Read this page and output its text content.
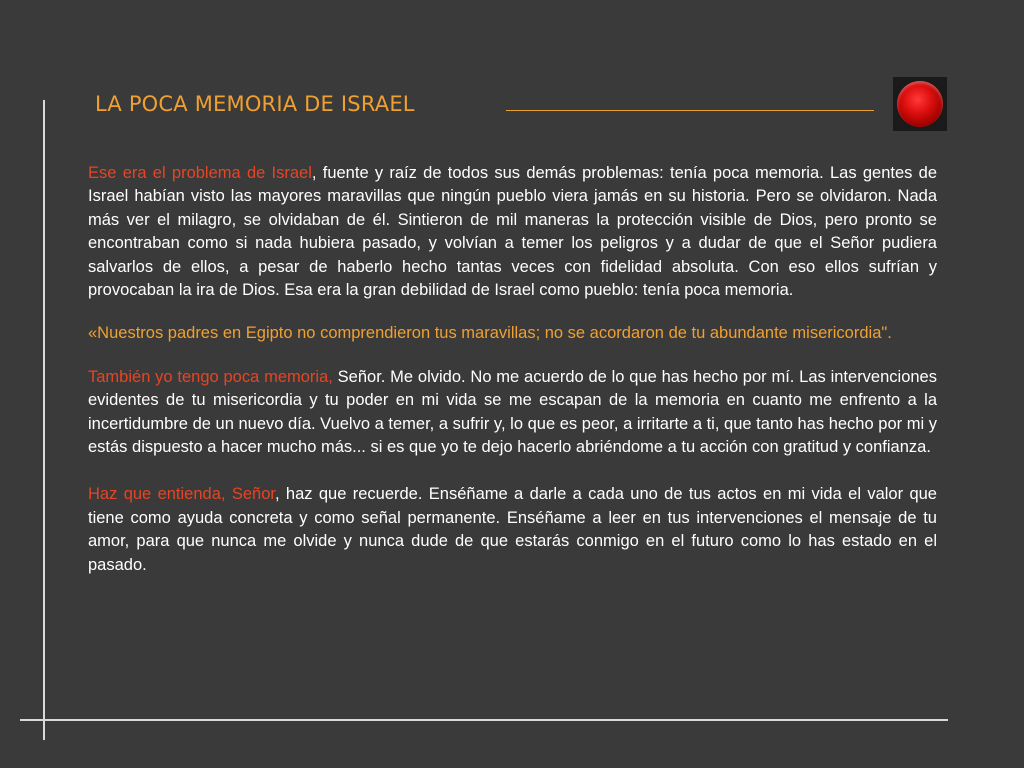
LA POCA MEMORIA DE ISRAEL

Ese era el problema de Israel, fuente y raíz de todos sus demás problemas: tenía poca memoria. Las gentes de Israel habían visto las mayores maravillas que ningún pueblo viera jamás en su historia. Pero se olvidaron. Nada más ver el milagro, se olvidaban de él. Sintieron de mil maneras la protección visible de Dios, pero pronto se encontraban como si nada hubiera pasado, y volvían a temer los peligros y a dudar de que el Señor pudiera salvarlos de ellos, a pesar de haberlo hecho tantas veces con fidelidad absoluta. Con eso ellos sufrían y provocaban la ira de Dios. Esa era la gran debilidad de Israel como pueblo: tenía poca memoria.

«Nuestros padres en Egipto no comprendieron tus maravillas; no se acordaron de tu abundante misericordia".

También yo tengo poca memoria, Señor. Me olvido. No me acuerdo de lo que has hecho por mí. Las intervenciones evidentes de tu misericordia y tu poder en mi vida se me escapan de la memoria en cuanto me enfrento a la incertidumbre de un nuevo día. Vuelvo a temer, a sufrir y, lo que es peor, a irritarte a ti, que tanto has hecho por mi y estás dispuesto a hacer mucho más... si es que yo te dejo hacerlo abriéndome a tu acción con gratitud y confianza.

Haz que entienda, Señor, haz que recuerde. Enséñame a darle a cada uno de tus actos en mi vida el valor que tiene como ayuda concreta y como señal permanente. Enséñame a leer en tus intervenciones el mensaje de tu amor, para que nunca me olvide y nunca dude de que estarás conmigo en el futuro como lo has estado en el pasado.
